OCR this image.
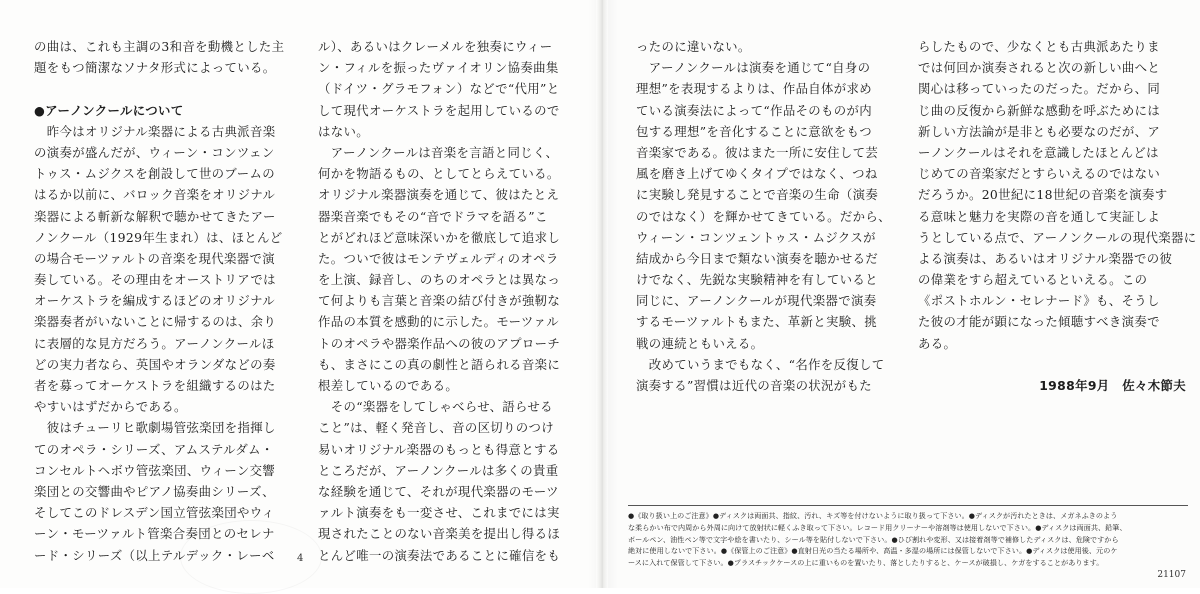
の曲は、これも主調の3和音を動機とした主
題をもつ簡潔なソナタ形式によっている。
●アーノンクールについて
　昨今はオリジナル楽器による古典派音楽
の演奏が盛んだが、ウィーン・コンツェン
トゥス・ムジクスを創設して世のブームの
はるか以前に、バロック音楽をオリジナル
楽器による斬新な解釈で聴かせてきたアー
ノンクール（1929年生まれ）は、ほとんど
の場合モーツァルトの音楽を現代楽器で演
奏している。その理由をオーストリアでは
オーケストラを編成するほどのオリジナル
楽器奏者がいないことに帰するのは、余り
に表層的な見方だろう。アーノンクールほ
どの実力者なら、英国やオランダなどの奏
者を募ってオーケストラを組織するのはた
やすいはずだからである。
　彼はチューリヒ歌劇場管弦楽団を指揮し
てのオペラ・シリーズ、アムステルダム・
コンセルトヘボウ管弦楽団、ウィーン交響
楽団との交響曲やピアノ協奏曲シリーズ、
そしてこのドレスデン国立管弦楽団やウィ
ーン・モーツァルト管楽合奏団とのセレナ
ード・シリーズ（以上テルデック・レーベ
ル）、あるいはクレーメルを独奏にウィー
ン・フィルを振ったヴァイオリン協奏曲集
（ドイツ・グラモフォン）などで“代用”と
して現代オーケストラを起用しているので
はない。
　アーノンクールは音楽を言語と同じく、
何かを物語るもの、としてとらえている。
オリジナル楽器演奏を通じて、彼はたとえ
器楽音楽でもその“音でドラマを語る”こ
とがどれほど意味深いかを徹底して追求し
た。ついで彼はモンテヴェルディのオペラ
を上演、録音し、のちのオペラとは異なっ
て何よりも言葉と音楽の結び付きが強靭な
作品の本質を感動的に示した。モーツァル
トのオペラや器楽作品への彼のアプローチ
も、まさにこの真の劇性と語られる音楽に
根差しているのである。
　その“楽器をしてしゃべらせ、語らせる
こと”は、軽く発音し、音の区切りのつけ
易いオリジナル楽器のもっとも得意とする
ところだが、アーノンクールは多くの貴重
な経験を通じて、それが現代楽器のモーツ
ァルト演奏をも一変させ、これまでには実
現されたことのない音楽美を提出し得るほ
とんど唯一の演奏法であることに確信をも
4
ったのに違いない。
　アーノンクールは演奏を通じて“自身の
理想”を表現するよりは、作品自体が求め
ている演奏法によって“作品そのものが内
包する理想”を音化することに意欲をもつ
音楽家である。彼はまた一所に安住して芸
風を磨き上げてゆくタイプではなく、つね
に実験し発見することで音楽の生命（演奏
のではなく）を輝かせてきている。だから、
ウィーン・コンツェントゥス・ムジクスが
結成から今日まで類ない演奏を聴かせるだ
けでなく、先鋭な実験精神を有していると
同じに、アーノンクールが現代楽器で演奏
するモーツァルトもまた、革新と実験、挑
戦の連続ともいえる。
　改めていうまでもなく、“名作を反復して
演奏する”習慣は近代の音楽の状況がもた
らしたもので、少なくとも古典派あたりま
では何回か演奏されると次の新しい曲へと
関心は移っていったのだった。だから、同
じ曲の反復から新鮮な感動を呼ぶためには
新しい方法論が是非とも必要なのだが、ア
ーノンクールはそれを意識したほとんどは
じめての音楽家だとすらいえるのではない
だろうか。20世紀に18世紀の音楽を演奏す
る意味と魅力を実際の音を通して実証しよ
うとしている点で、アーノンクールの現代楽器に
よる演奏は、あるいはオリジナル楽器での彼
の偉業をすら超えているといえる。この
《ポストホルン・セレナード》も、そうし
た彼の才能が顕になった傾聴すべき演奏で
ある。
1988年9月　佐々木節夫
●《取り扱い上のご注意》●ディスクは両面共、指紋、汚れ、キズ等を付けないように取り扱って下さい。●ディスクが汚れたときは、メガネふきのよう
な柔らかい布で内周から外周に向けて放射状に軽くふき取って下さい。レコード用クリーナーや溶剤等は使用しないで下さい。●ディスクは両面共、鉛筆、
ボールペン、油性ペン等で文字や絵を書いたり、シール等を貼付しないで下さい。●ひび割れや変形、又は接着剤等で補修したディスクは、危険ですから
絶対に使用しないで下さい。●《保管上のご注意》●直射日光の当たる場所や、高温・多湿の場所には保管しないで下さい。●ディスクは使用後、元のケ
ースに入れて保管して下さい。●プラスチックケースの上に重いものを置いたり、落としたりすると、ケースが破損し、ケガをすることがあります。
21107
